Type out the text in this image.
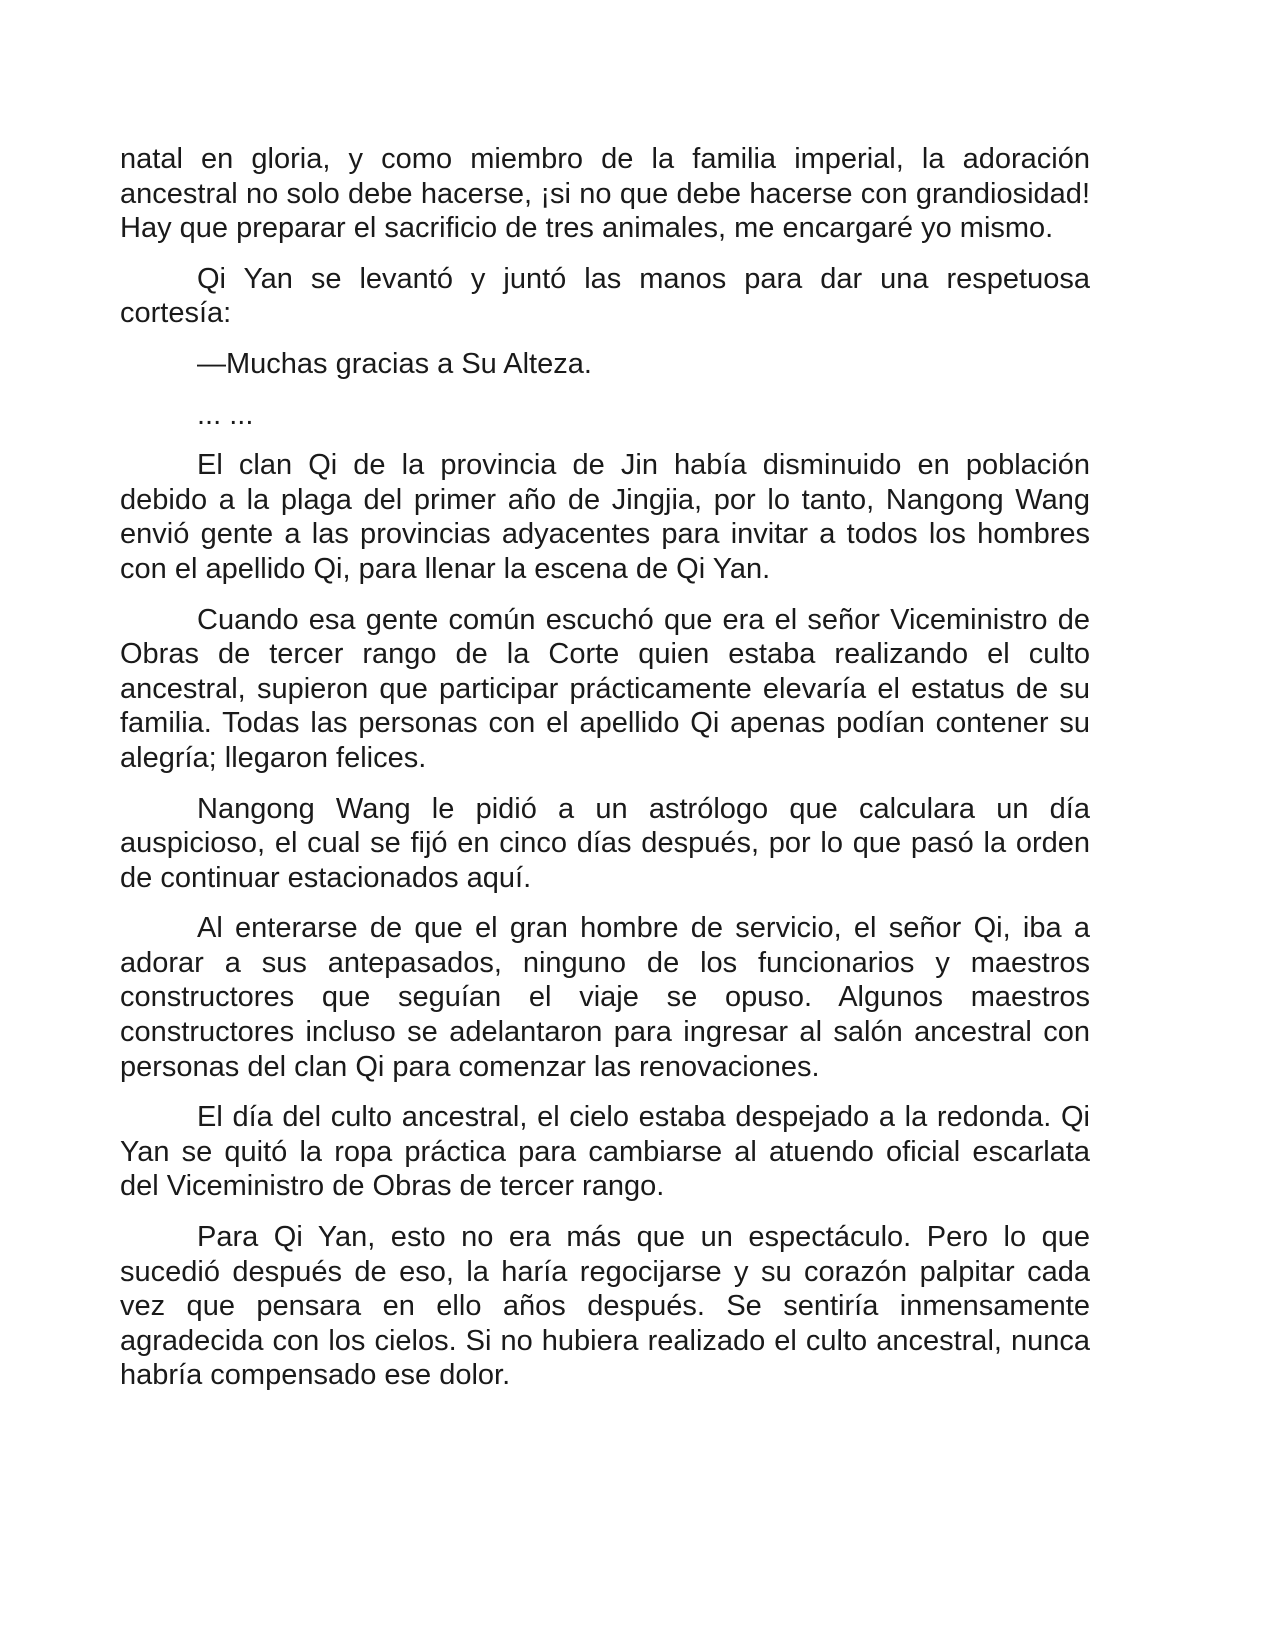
natal en gloria, y como miembro de la familia imperial, la adoración ancestral no solo debe hacerse, ¡si no que debe hacerse con grandiosidad! Hay que preparar el sacrificio de tres animales, me encargaré yo mismo.

Qi Yan se levantó y juntó las manos para dar una respetuosa cortesía:

—Muchas gracias a Su Alteza.

... ...

El clan Qi de la provincia de Jin había disminuido en población debido a la plaga del primer año de Jingjia, por lo tanto, Nangong Wang envió gente a las provincias adyacentes para invitar a todos los hombres con el apellido Qi, para llenar la escena de Qi Yan.

Cuando esa gente común escuchó que era el señor Viceministro de Obras de tercer rango de la Corte quien estaba realizando el culto ancestral, supieron que participar prácticamente elevaría el estatus de su familia. Todas las personas con el apellido Qi apenas podían contener su alegría; llegaron felices.

Nangong Wang le pidió a un astrólogo que calculara un día auspicioso, el cual se fijó en cinco días después, por lo que pasó la orden de continuar estacionados aquí.

Al enterarse de que el gran hombre de servicio, el señor Qi, iba a adorar a sus antepasados, ninguno de los funcionarios y maestros constructores que seguían el viaje se opuso. Algunos maestros constructores incluso se adelantaron para ingresar al salón ancestral con personas del clan Qi para comenzar las renovaciones.

El día del culto ancestral, el cielo estaba despejado a la redonda. Qi Yan se quitó la ropa práctica para cambiarse al atuendo oficial escarlata del Viceministro de Obras de tercer rango.

Para Qi Yan, esto no era más que un espectáculo. Pero lo que sucedió después de eso, la haría regocijarse y su corazón palpitar cada vez que pensara en ello años después. Se sentiría inmensamente agradecida con los cielos. Si no hubiera realizado el culto ancestral, nunca habría compensado ese dolor.
